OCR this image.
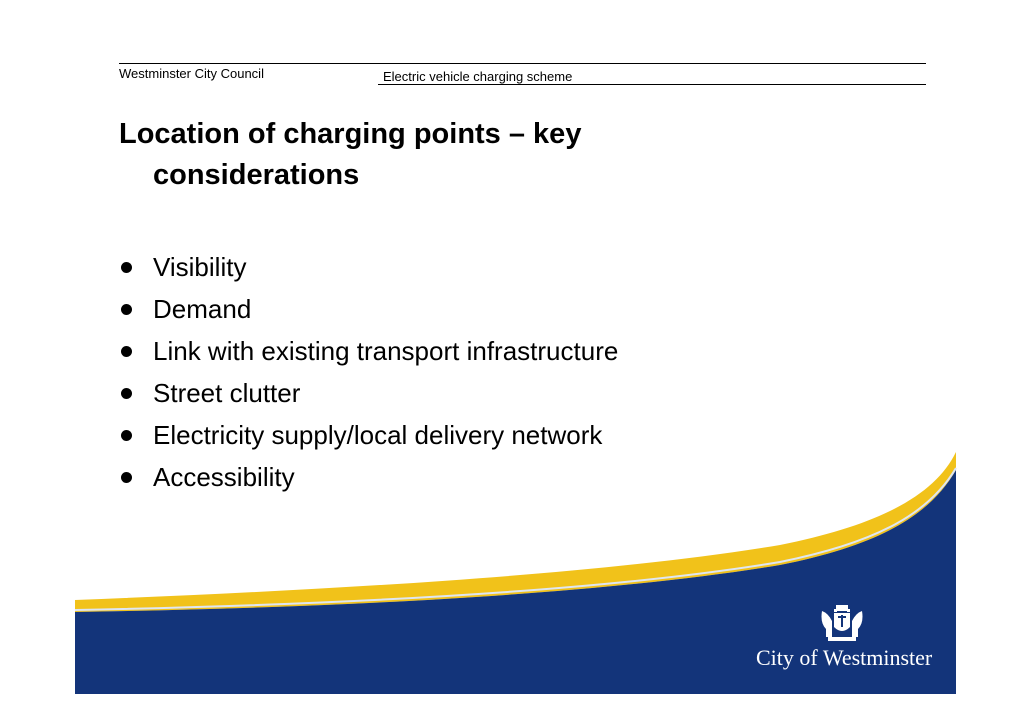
Westminster City Council	Electric vehicle charging scheme
Location of charging points – key
considerations
Visibility
Demand
Link with existing transport infrastructure
Street clutter
Electricity supply/local delivery network
Accessibility
City of Westminster
